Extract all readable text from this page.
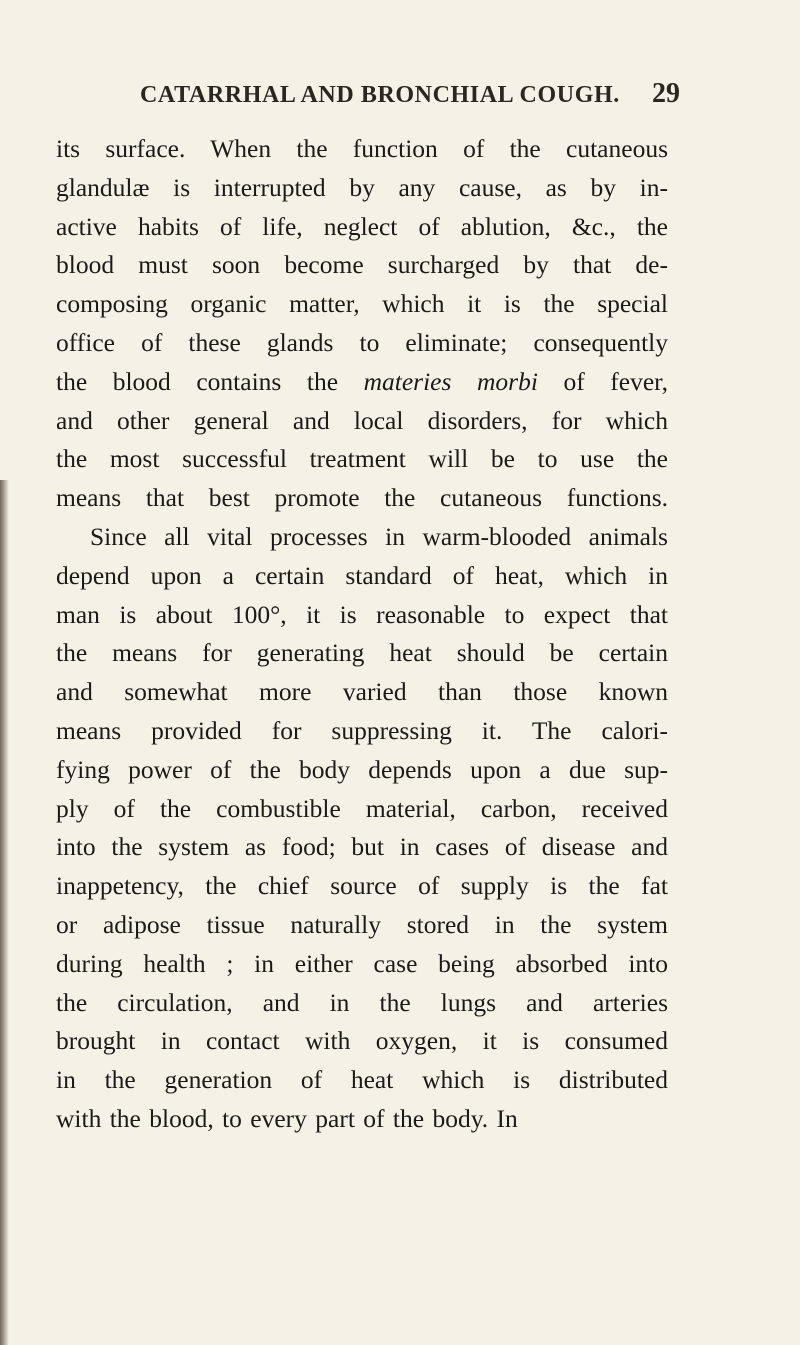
CATARRHAL AND BRONCHIAL COUGH. 29
its surface. When the function of the cutaneous
glandulæ is interrupted by any cause, as by in-
active habits of life, neglect of ablution, &c., the
blood must soon become surcharged by that de-
composing organic matter, which it is the special
office of these glands to eliminate; consequently
the blood contains the materies morbi of fever,
and other general and local disorders, for which
the most successful treatment will be to use the
means that best promote the cutaneous functions.
Since all vital processes in warm-blooded animals
depend upon a certain standard of heat, which in
man is about 100°, it is reasonable to expect that
the means for generating heat should be certain
and somewhat more varied than those known
means provided for suppressing it. The calori-
fying power of the body depends upon a due sup-
ply of the combustible material, carbon, received
into the system as food; but in cases of disease and
inappetency, the chief source of supply is the fat
or adipose tissue naturally stored in the system
during health ; in either case being absorbed into
the circulation, and in the lungs and arteries
brought in contact with oxygen, it is consumed
in the generation of heat which is distributed
with the blood, to every part of the body. In
